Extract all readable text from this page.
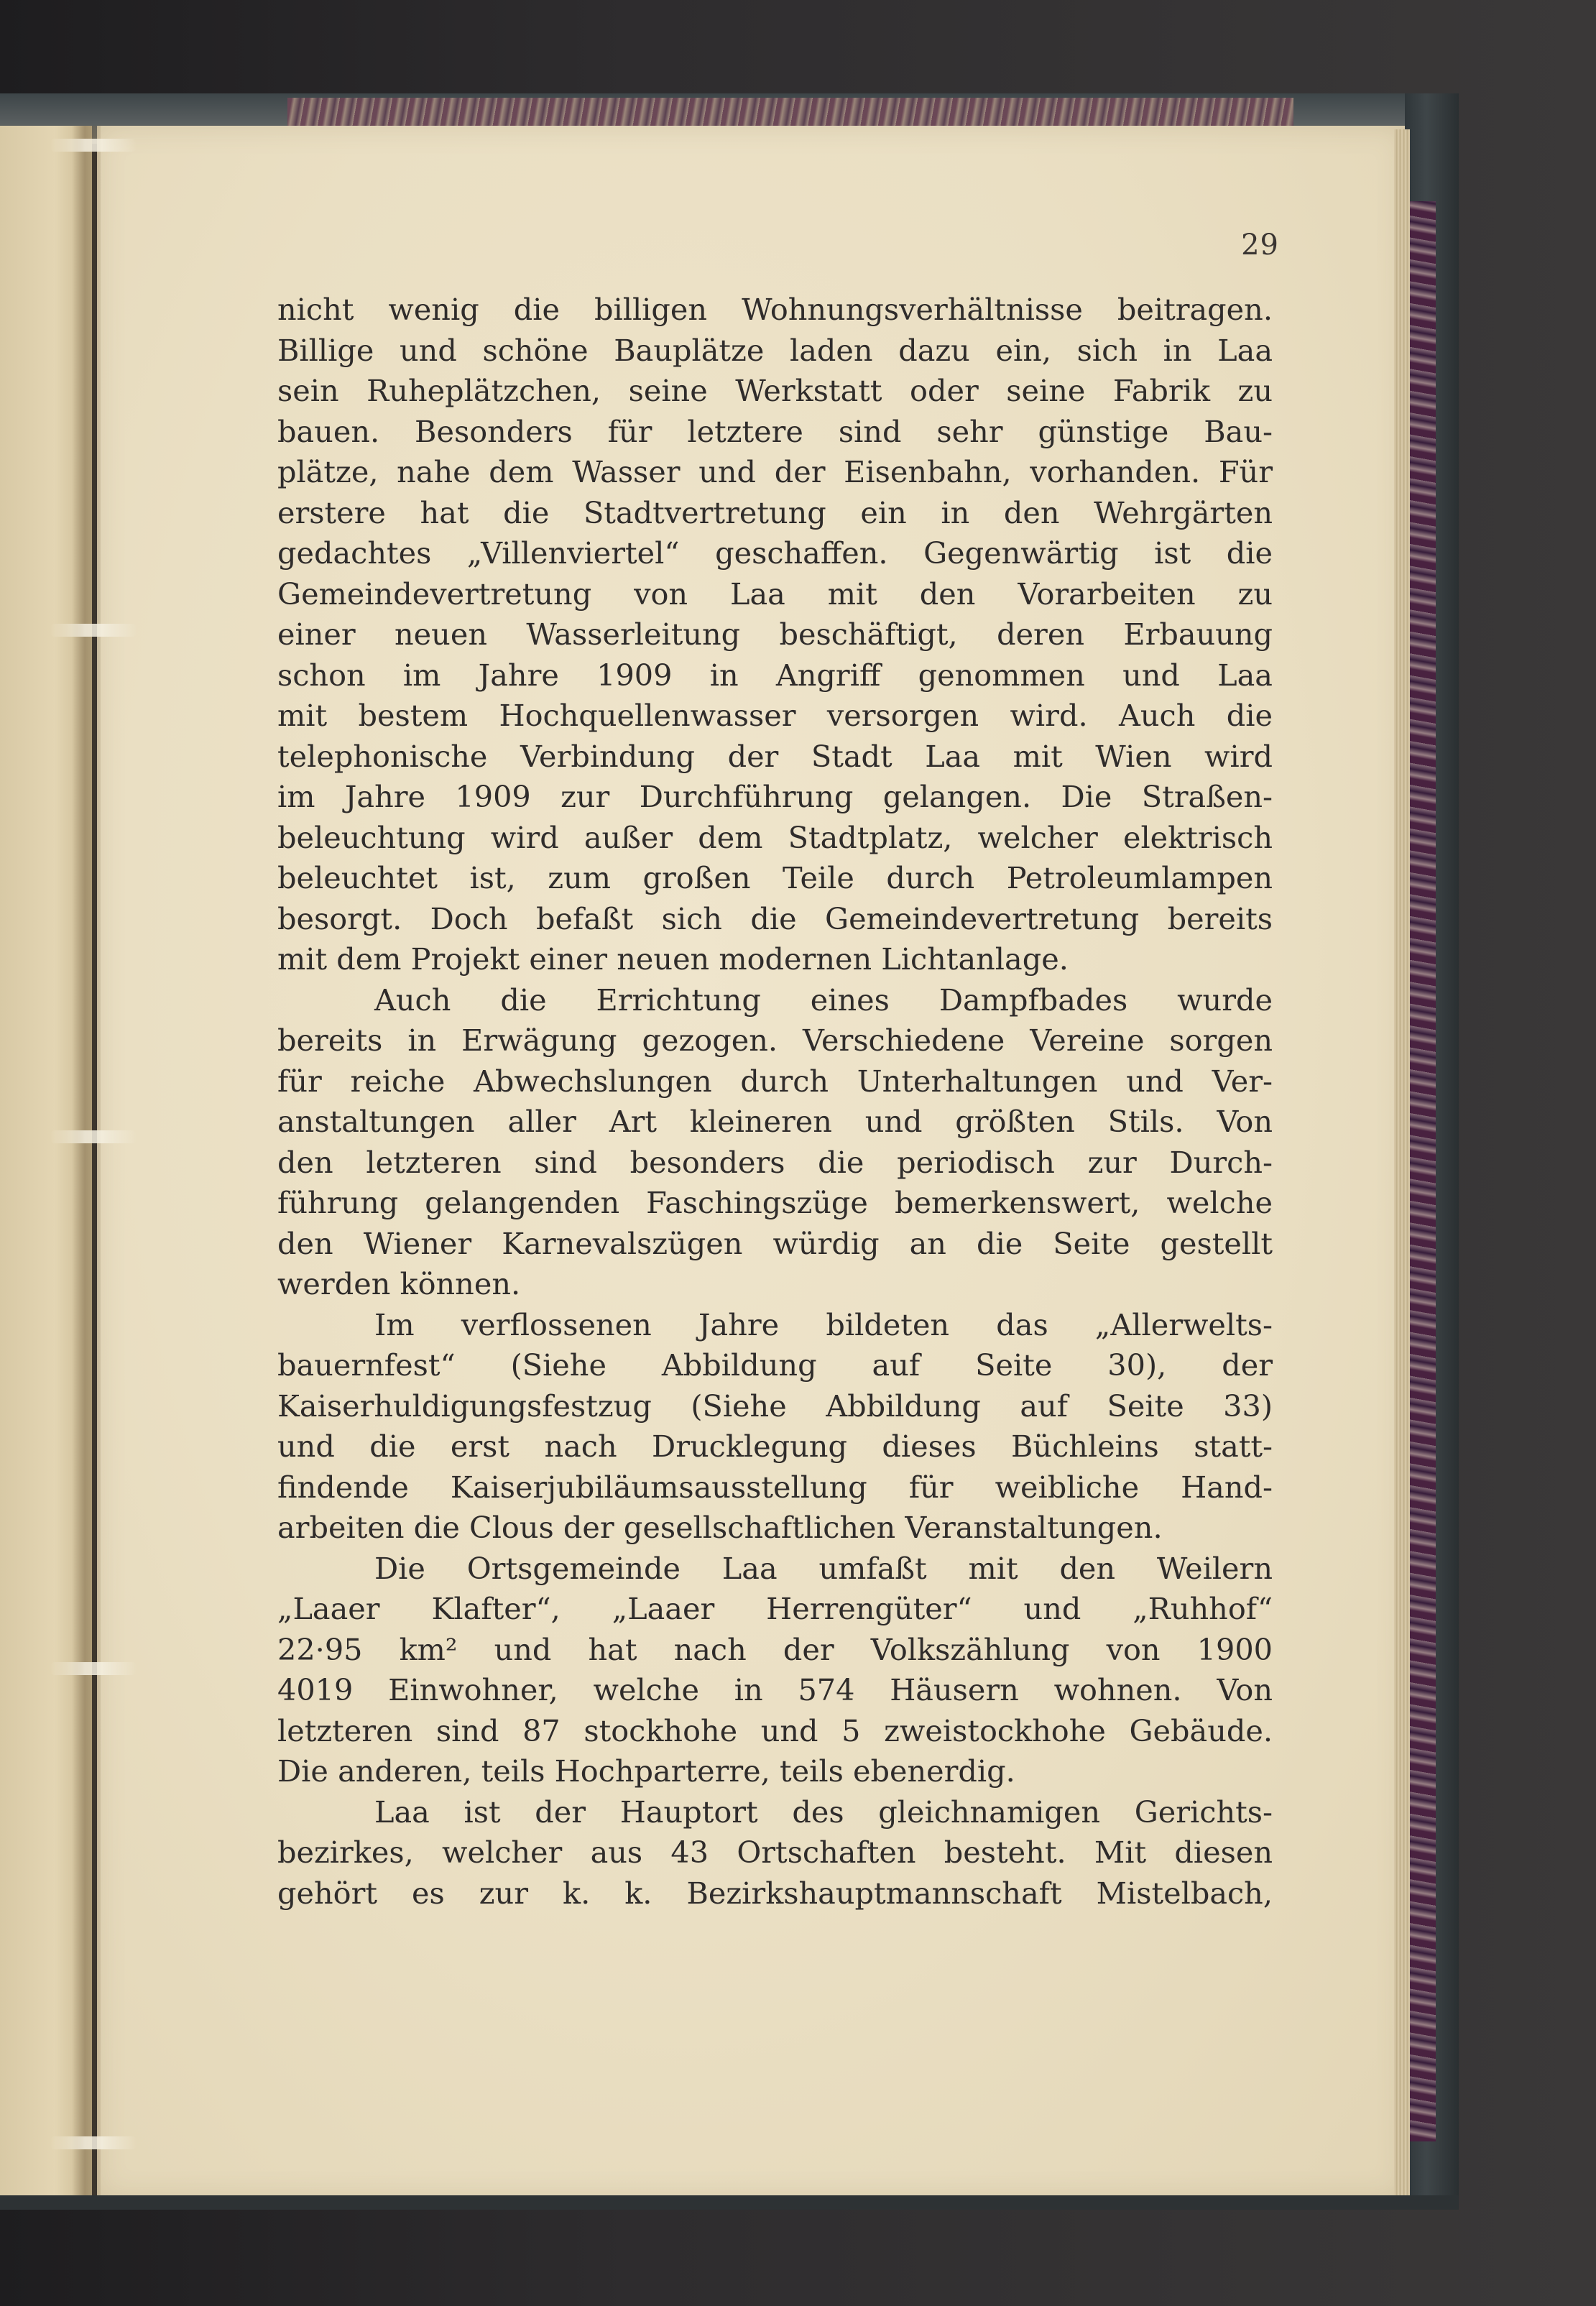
29

nicht wenig die billigen Wohnungsverhältnisse beitragen.
Billige und schöne Bauplätze laden dazu ein, sich in Laa
sein Ruheplätzchen, seine Werkstatt oder seine Fabrik zu
bauen. Besonders für letztere sind sehr günstige Bau-
plätze, nahe dem Wasser und der Eisenbahn, vorhanden. Für
erstere hat die Stadtvertretung ein in den Wehrgärten
gedachtes „Villenviertel“ geschaffen. Gegenwärtig ist die
Gemeindevertretung von Laa mit den Vorarbeiten zu
einer neuen Wasserleitung beschäftigt, deren Erbauung
schon im Jahre 1909 in Angriff genommen und Laa
mit bestem Hochquellenwasser versorgen wird. Auch die
telephonische Verbindung der Stadt Laa mit Wien wird
im Jahre 1909 zur Durchführung gelangen. Die Straßen-
beleuchtung wird außer dem Stadtplatz, welcher elektrisch
beleuchtet ist, zum großen Teile durch Petroleumlampen
besorgt. Doch befaßt sich die Gemeindevertretung bereits
mit dem Projekt einer neuen modernen Lichtanlage.

Auch die Errichtung eines Dampfbades wurde
bereits in Erwägung gezogen. Verschiedene Vereine sorgen
für reiche Abwechslungen durch Unterhaltungen und Ver-
anstaltungen aller Art kleineren und größten Stils. Von
den letzteren sind besonders die periodisch zur Durch-
führung gelangenden Faschingszüge bemerkenswert, welche
den Wiener Karnevalszügen würdig an die Seite gestellt
werden können.

Im verflossenen Jahre bildeten das „Allerwelts-
bauernfest“ (Siehe Abbildung auf Seite 30), der
Kaiserhuldigungsfestzug (Siehe Abbildung auf Seite 33)
und die erst nach Drucklegung dieses Büchleins statt-
findende Kaiserjubiläumsausstellung für weibliche Hand-
arbeiten die Clous der gesellschaftlichen Veranstaltungen.

Die Ortsgemeinde Laa umfaßt mit den Weilern
„Laaer Klafter“, „Laaer Herrengüter“ und „Ruhhof“
22·95 km² und hat nach der Volkszählung von 1900
4019 Einwohner, welche in 574 Häusern wohnen. Von
letzteren sind 87 stockhohe und 5 zweistockhohe Gebäude.
Die anderen, teils Hochparterre, teils ebenerdig.

Laa ist der Hauptort des gleichnamigen Gerichts-
bezirkes, welcher aus 43 Ortschaften besteht. Mit diesen
gehört es zur k. k. Bezirkshauptmannschaft Mistelbach,
